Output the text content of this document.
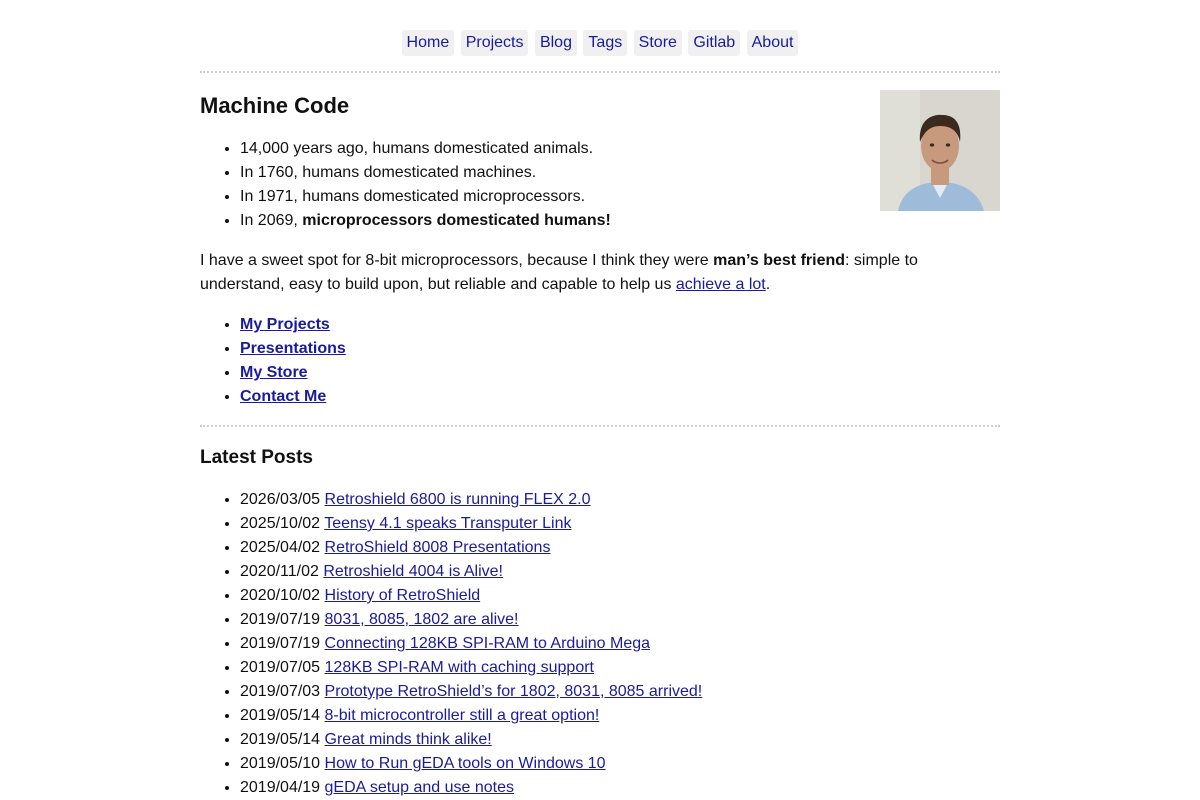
Home Projects Blog Tags Store Gitlab About
Machine Code
• 14,000 years ago, humans domesticated animals.
• In 1760, humans domesticated machines.
• In 1971, humans domesticated microprocessors.
• In 2069, microprocessors domesticated humans!

I have a sweet spot for 8-bit microprocessors, because I think they were man’s best friend: simple to understand, easy to build upon, but reliable and capable to help us achieve a lot.

• My Projects
• Presentations
• My Store
• Contact Me
Latest Posts
• 2026/03/05 Retroshield 6800 is running FLEX 2.0
• 2025/10/02 Teensy 4.1 speaks Transputer Link
• 2025/04/02 RetroShield 8008 Presentations
• 2020/11/02 Retroshield 4004 is Alive!
• 2020/10/02 History of RetroShield
• 2019/07/19 8031, 8085, 1802 are alive!
• 2019/07/19 Connecting 128KB SPI-RAM to Arduino Mega
• 2019/07/05 128KB SPI-RAM with caching support
• 2019/07/03 Prototype RetroShield’s for 1802, 8031, 8085 arrived!
• 2019/05/14 8-bit microcontroller still a great option!
• 2019/05/14 Great minds think alike!
• 2019/05/10 How to Run gEDA tools on Windows 10
• 2019/04/19 gEDA setup and use notes
